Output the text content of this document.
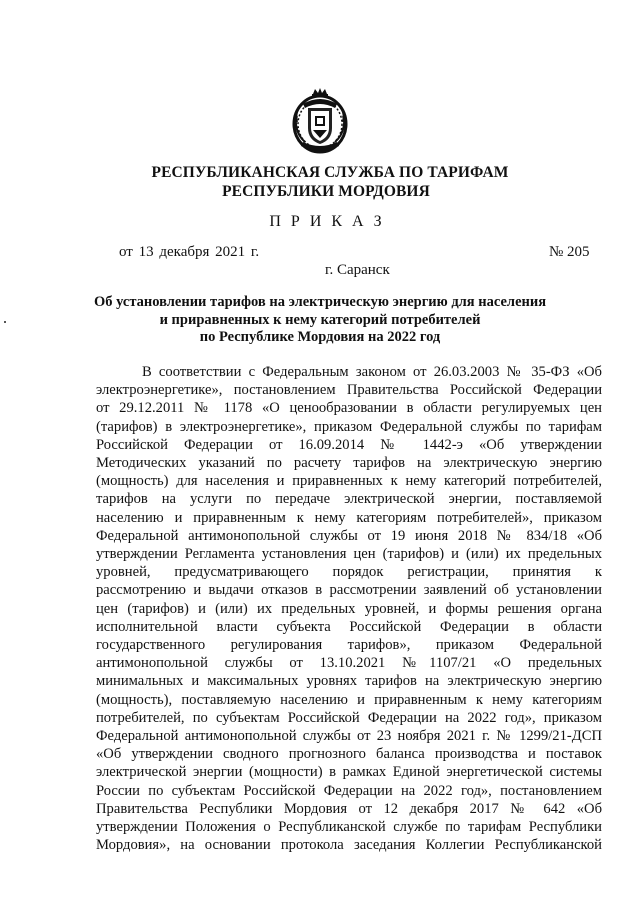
РЕСПУБЛИКАНСКАЯ СЛУЖБА ПО ТАРИФАМ
РЕСПУБЛИКИ МОРДОВИЯ
П Р И К А З
от 13 декабря 2021 г.	№ 205
г. Саранск
Об установлении тарифов на электрическую энергию для населения
и приравненных к нему категорий потребителей
по Республике Мордовия на 2022 год
В соответствии с Федеральным законом от 26.03.2003 № 35-ФЗ «Об
электроэнергетике», постановлением Правительства Российской Федерации
от 29.12.2011 № 1178 «О ценообразовании в области регулируемых цен
(тарифов) в электроэнергетике», приказом Федеральной службы по тарифам
Российской Федерации от 16.09.2014 № 1442-э «Об утверждении
Методических указаний по расчету тарифов на электрическую энергию
(мощность) для населения и приравненных к нему категорий потребителей,
тарифов на услуги по передаче электрической энергии, поставляемой
населению и приравненным к нему категориям потребителей», приказом
Федеральной антимонопольной службы от 19 июня 2018 № 834/18 «Об
утверждении Регламента установления цен (тарифов) и (или) их предельных
уровней, предусматривающего порядок регистрации, принятия к
рассмотрению и выдачи отказов в рассмотрении заявлений об установлении
цен (тарифов) и (или) их предельных уровней, и формы решения органа
исполнительной власти субъекта Российской Федерации в области
государственного регулирования тарифов», приказом Федеральной
антимонопольной службы от 13.10.2021 №1107/21 «О предельных
минимальных и максимальных уровнях тарифов на электрическую энергию
(мощность), поставляемую населению и приравненным к нему категориям
потребителей, по субъектам Российской Федерации на 2022 год», приказом
Федеральной антимонопольной службы от 23 ноября 2021 г. № 1299/21-ДСП
«Об утверждении сводного прогнозного баланса производства и поставок
электрической энергии (мощности) в рамках Единой энергетической системы
России по субъектам Российской Федерации на 2022 год», постановлением
Правительства Республики Мордовия от 12 декабря 2017 № 642 «Об
утверждении Положения о Республиканской службе по тарифам Республики
Мордовия», на основании протокола заседания Коллегии Республиканской
